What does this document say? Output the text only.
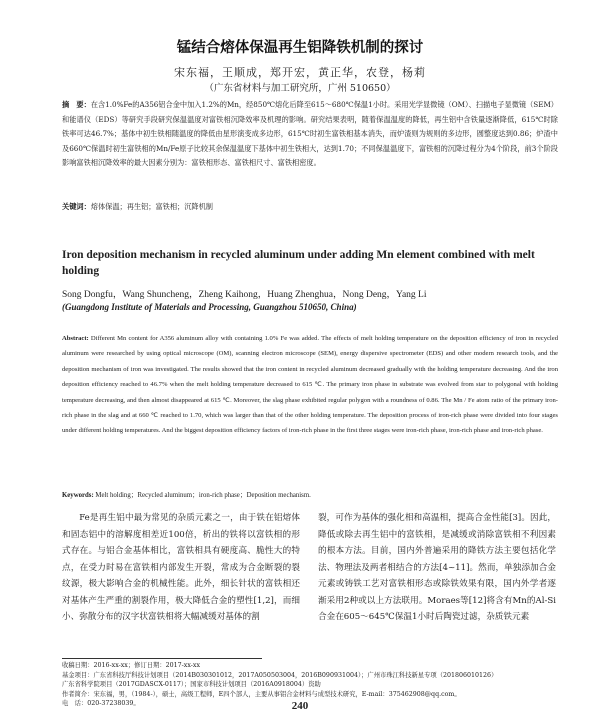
锰结合熔体保温再生铝降铁机制的探讨
宋东福，王顺成，郑开宏，黄正华，农登，杨莉
（广东省材料与加工研究所，广州 510650）
摘　要：在含1.0%Fe的A356铝合金中加入1.2%的Mn，经850℃熔化后降至615～680℃保温1小时。采用光学显微镜（OM）、扫描电子显微镜（SEM）和能谱仪（EDS）等研究手段研究保温温度对富铁相沉降效率及机理的影响。研究结果表明，随着保温温度的降低，再生铝中含铁量逐渐降低，615℃时除铁率可达46.7%；基体中初生铁相随温度的降低由星形演变成多边形，615℃时初生富铁相基本消失，而炉渣则为规则的多边形，圆整度达到0.86；炉渣中及660℃保温时初生富铁相的Mn/Fe原子比较其余保温温度下基体中初生铁相大，达到1.70；不同保温温度下，富铁相的沉降过程分为4个阶段，前3个阶段影响富铁相沉降效率的最大因素分别为：富铁相形态、富铁相尺寸、富铁相密度。
关键词：熔体保温；再生铝；富铁相；沉降机制
Iron deposition mechanism in recycled aluminum under adding Mn element combined with melt holding
Song Dongfu，Wang Shuncheng，Zheng Kaihong，Huang Zhenghua，Nong Deng，Yang Li
(Guangdong Institute of Materials and Processing, Guangzhou 510650, China)
Abstract: Different Mn content for A356 aluminum alloy with containing 1.0% Fe was added. The effects of melt holding temperature on the deposition efficiency of iron in recycled aluminum were researched by using optical microscope (OM), scanning electron microscope (SEM), energy dispersive spectrometer (EDS) and other modern research tools, and the deposition mechanism of iron was investigated. The results showed that the iron content in recycled aluminum decreased gradually with the holding temperature decreasing. And the iron deposition efficiency reached to 46.7% when the melt holding temperature decreased to 615 ℃. The primary iron phase in substrate was evolved from star to polygonal with holding temperature decreasing, and then almost disappeared at 615 ℃. Moreover, the slag phase exhibited regular polygon with a roundness of 0.86. The Mn / Fe atom ratio of the primary iron-rich phase in the slag and at 660 ℃ reached to 1.70, which was larger than that of the other holding temperature. The deposition process of iron-rich phase were divided into four stages under different holding temperatures. And the biggest deposition efficiency factors of iron-rich phase in the first three stages were iron-rich phase, iron-rich phase and iron-rich phase.
Keywords: Melt holding；Recycled aluminum；iron-rich phase；Deposition mechanism.

Fe是再生铝中最为常见的杂质元素之一，由于铁在铝熔体和固态铝中的溶解度相差近100倍，析出的铁将以富铁相的形式存在。与铝合金基体相比，富铁相具有硬度高、脆性大的特点，在受力时易在富铁相内部发生开裂，常成为合金断裂的裂纹源，极大影响合金的机械性能。此外，细长针状的富铁相还对基体产生严重的割裂作用，极大降低合金的塑性[1,2]，而细小、弥散分布的汉字状富铁相将大幅减缓对基体的割

裂，可作为基体的强化相和高温相，提高合金性能[3]。因此，降低或除去再生铝中的富铁相，是减缓或消除富铁相不利因素的根本方法。目前，国内外普遍采用的降铁方法主要包括化学法、物理法及两者相结合的方法[4~11]。然而，单独添加合金元素或铸铁工艺对富铁相形态或除铁效果有限，国内外学者逐渐采用2种或以上方法联用。Moraes等[12]将含有Mn的Al-Si合金在605～645℃保温1小时后陶瓷过滤，杂质铁元素

收稿日期：2016-xx-xx；修订日期：2017-xx-xx
基金项目：广东省科技厅科技计划项目（2014B030301012，2017A050503004，2016B090931004）；广州市珠江科技新星专项（201806010126）
广东省科学院项目（2017GDASCX-0117）；国家市科技计划项目（2016A0918004）资助
作者简介：宋东福，男，（1984-），硕士，高级工程师，E四个部人，主要从事铝合金材料与成型技术研究，E-mail：375462908@qq.com。
电　话：020-37238039。	240
